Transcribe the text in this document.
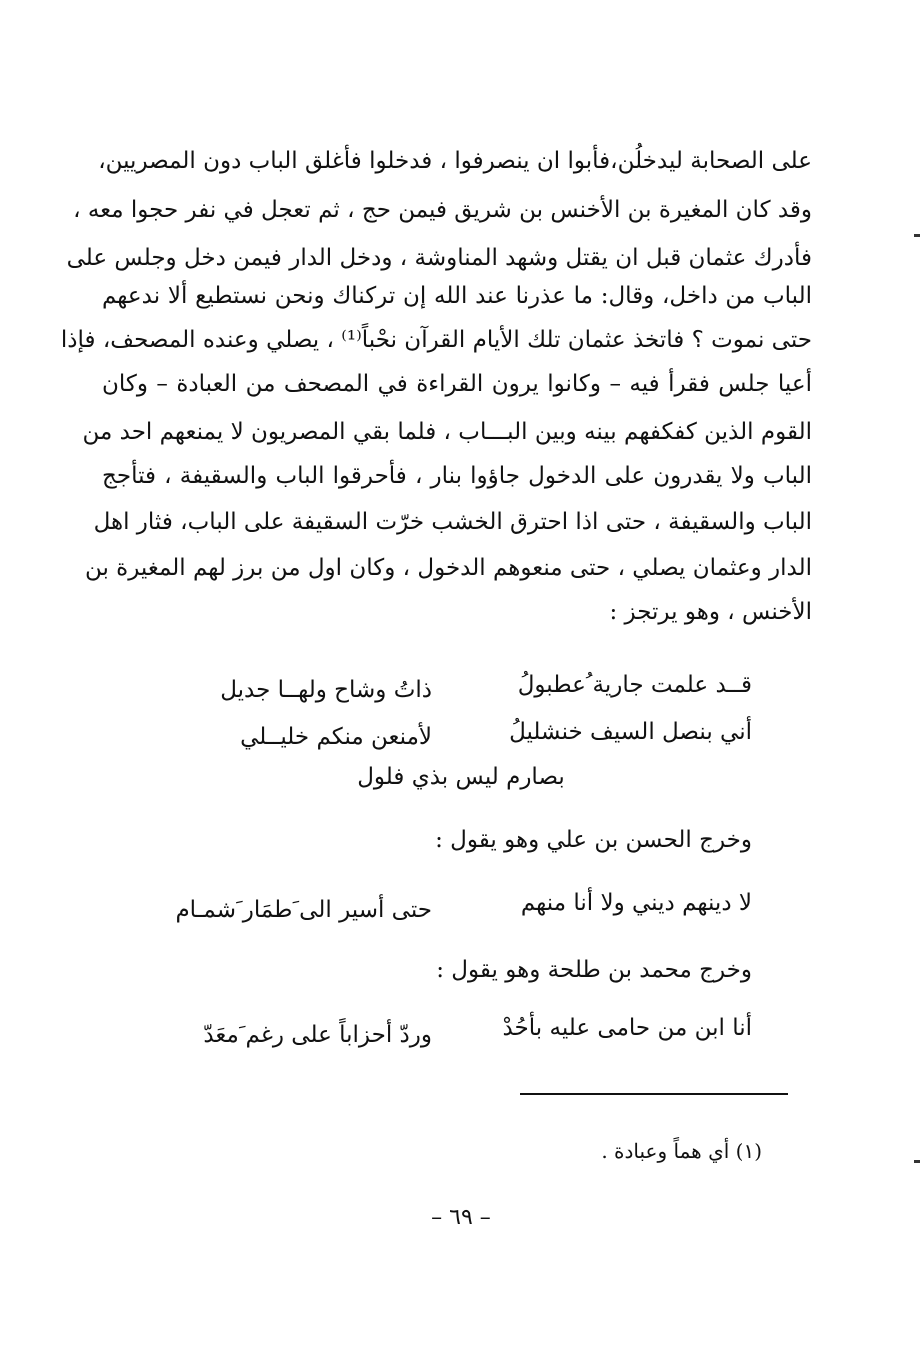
على الصحابة ليدخلُن،فأبوا ان ينصرفوا ، فدخلوا فأغلق الباب دون المصريين،
وقد كان المغيرة بن الأخنس بن شريق فيمن حج ، ثم تعجل في نفر حجوا معه ،
فأدرك عثمان قبل ان يقتل وشهد المناوشة ، ودخل الدار فيمن دخل وجلس على
الباب من داخل، وقال: ما عذرنا عند الله إن تركناك ونحن نستطيع ألا ندعهم
حتى نموت ؟ فاتخذ عثمان تلك الأيام القرآن نحْباً⁽¹⁾ ، يصلي وعنده المصحف، فإذا
أعيا جلس فقرأ فيه – وكانوا يرون القراءة في المصحف من العبادة – وكان
القوم الذين كفكفهم بينه وبين البـــاب ، فلما بقي المصريون لا يمنعهم احد من
الباب ولا يقدرون على الدخول جاؤوا بنار ، فأحرقوا الباب والسقيفة ، فتأجج
الباب والسقيفة ، حتى اذا احترق الخشب خرّت السقيفة على الباب، فثار اهل
الدار وعثمان يصلي ، حتى منعوهم الدخول ، وكان اول من برز لهم المغيرة بن
الأخنس ، وهو يرتجز :
قــد علمت جارية ُعطبولُ
ذاتُ وشاح ولهــا جديل
أني بنصل السيف خنشليلُ
لأمنعن منكم خليــلي
بصارم ليس بذي فلول
وخرج الحسن بن علي وهو يقول :
لا دينهم ديني ولا أنا منهم
حتى أسير الى َطمَار َشمـام
وخرج محمد بن طلحة وهو يقول :
أنا ابن من حامى عليه بأحُدْ
وردّ أحزاباً على رغم َمعَدّ
(١) أي هماً وعبادة .
– ٦٩ –
